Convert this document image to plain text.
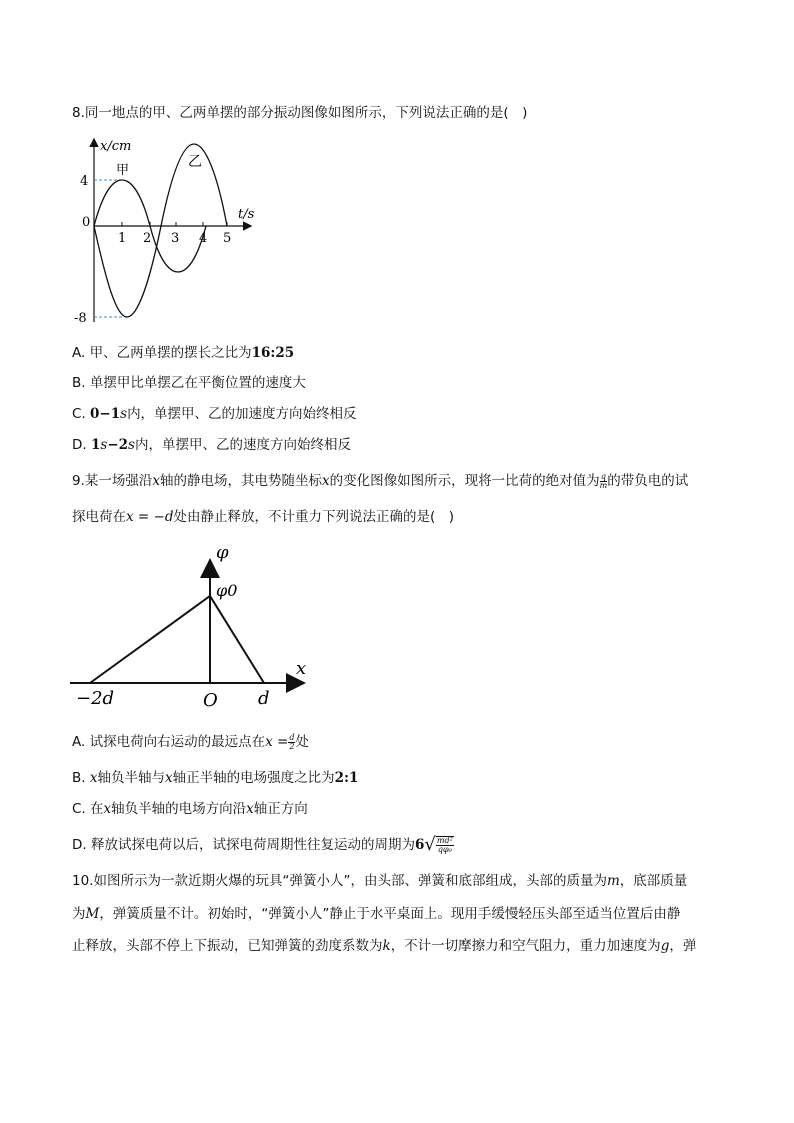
8.同一地点的甲、乙两单摆的部分振动图像如图所示，下列说法正确的是(　)
x/cm
t/s
甲
乙
4
0
-8
1 2 3 4 5
A. 甲、乙两单摆的摆长之比为16:25
B. 单摆甲比单摆乙在平衡位置的速度大
C. 0−1s内，单摆甲、乙的加速度方向始终相反
D. 1s−2s内，单摆甲、乙的速度方向始终相反
9.某一场强沿x轴的静电场，其电势随坐标x的变化图像如图所示，现将一比荷的绝对值为 $\frac{q}{m}$ 的带负电的试
探电荷在x = −d处由静止释放，不计重力下列说法正确的是(　)
φ
φ0
x
−2d	O d
A. 试探电荷向右运动的最远点在$x = \frac{d}{2}$ 处
B. x轴负半轴与x轴正半轴的电场强度之比为2:1
C. 在x轴负半轴的电场方向沿x轴正方向
D. 释放试探电荷以后，试探电荷周期性往复运动的周期为$6√ \frac{\text{md²}}{\text{qφ₀}}$
10.如图所示为一款近期火爆的玩具“弹簧小人”，由头部、弹簧和底部组成，头部的质量为m，底部质量
为M，弹簧质量不计。初始时，“弹簧小人”静止于水平桌面上。现用手缓慢轻压头部至适当位置后由静
止释放，头部不停上下振动，已知弹簧的劲度系数为k，不计一切摩擦力和空气阻力，重力加速度为g，弹
